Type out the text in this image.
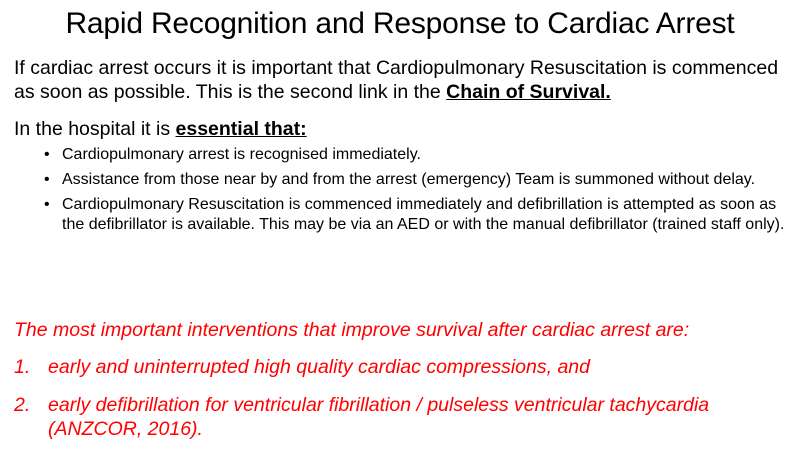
Rapid Recognition and Response to Cardiac Arrest
If cardiac arrest occurs it is important that Cardiopulmonary Resuscitation is commenced as soon as possible. This is the second link in the Chain of Survival.
In the hospital it is essential that:
• Cardiopulmonary arrest is recognised immediately.
• Assistance from those near by and from the arrest (emergency) Team is summoned without delay.
• Cardiopulmonary Resuscitation is commenced immediately and defibrillation is attempted as soon as the defibrillator is available. This may be via an AED or with the manual defibrillator (trained staff only).
The most important interventions that improve survival after cardiac arrest are:
1. early and uninterrupted high quality cardiac compressions, and
2. early defibrillation for ventricular fibrillation / pulseless ventricular tachycardia (ANZCOR, 2016).
